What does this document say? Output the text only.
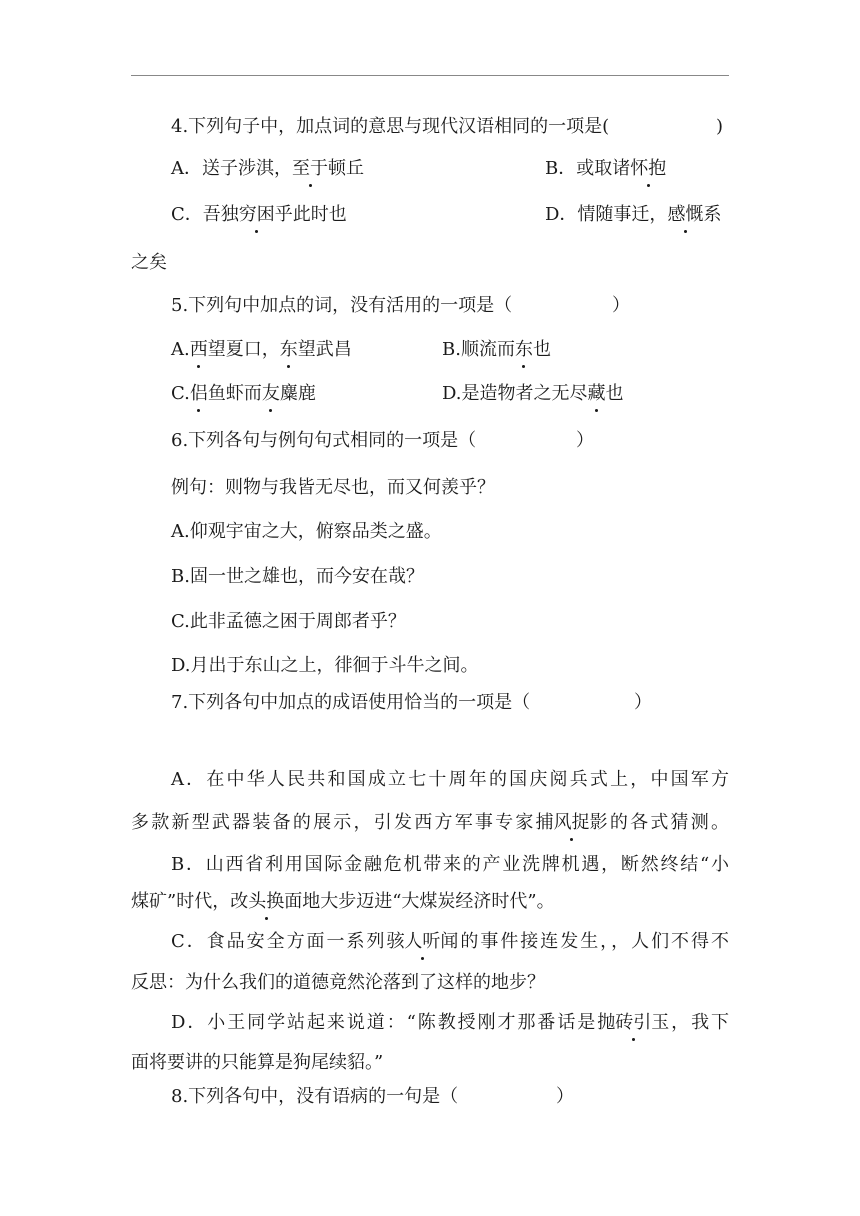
4.下列句子中，加点词的意思与现代汉语相同的一项是(	)
A．送子涉淇，至于顿丘	B．或取诸怀抱
C．吾独穷困乎此时也	D．情随事迁，感慨系
之矣
5.下列句中加点的词，没有活用的一项是（	）
A.西望夏口，东望武昌	B.顺流而东也
C.侣鱼虾而友麋鹿	D.是造物者之无尽藏也
6.下列各句与例句句式相同的一项是（	）
例句：则物与我皆无尽也，而又何羡乎？
A.仰观宇宙之大，俯察品类之盛。
B.固一世之雄也，而今安在哉？
C.此非孟德之困于周郎者乎？
D.月出于东山之上，徘徊于斗牛之间。
7.下列各句中加点的成语使用恰当的一项是（	）
A．在中华人民共和国成立七十周年的国庆阅兵式上，中国军方
多款新型武器装备的展示，引发西方军事专家捕风捉影的各式猜测。
B．山西省利用国际金融危机带来的产业洗牌机遇，断然终结“小
煤矿”时代，改头换面地大步迈进“大煤炭经济时代”。
C．食品安全方面一系列骇人听闻的事件接连发生，，人们不得不
反思：为什么我们的道德竟然沦落到了这样的地步？
D．小王同学站起来说道：“陈教授刚才那番话是抛砖引玉，我下
面将要讲的只能算是狗尾续貂。”
8.下列各句中，没有语病的一句是（	）
